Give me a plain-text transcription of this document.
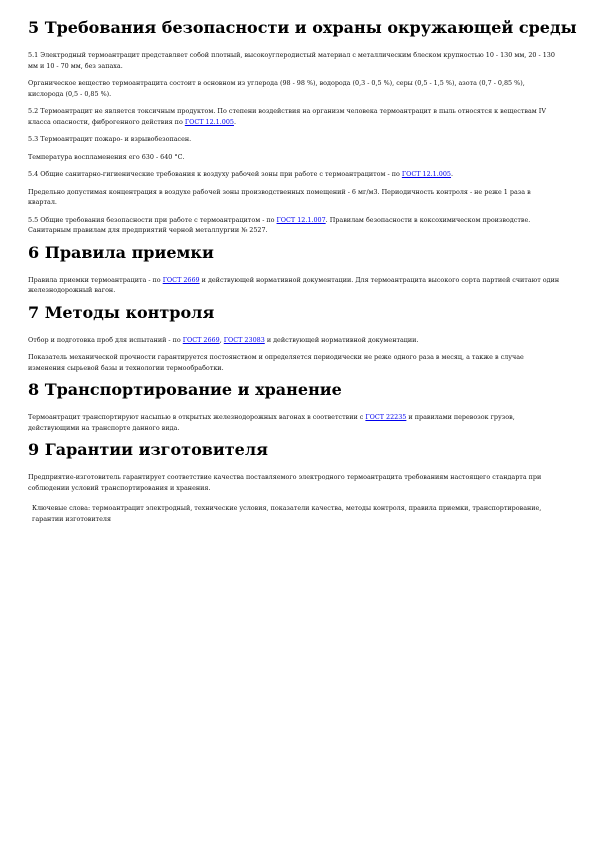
5 Требования безопасности и охраны окружающей среды

5.1 Электродный термоантрацит представляет собой плотный, высокоуглеродистый материал с металлическим блеском крупностью 10 - 130 мм, 20 - 130 мм и 10 - 70 мм, без запаха.

Органическое вещество термоантрацита состоит в основном из углерода (98 - 98 %), водорода (0,3 - 0,5 %), серы (0,5 - 1,5 %), азота (0,7 - 0,85 %), кислорода (0,5 - 0,85 %).

5.2 Термоантрацит не является токсичным продуктом. По степени воздействия на организм человека термоантрацит в пыль относятся к веществам IV класса опасности, фиброгенного действия по ГОСТ 12.1.005.

5.3 Термоантрацит пожаро- и взрывобезопасен.

Температура воспламенения его 630 - 640 °С.

5.4 Общие санитарно-гигиенические требования к воздуху рабочей зоны при работе с термоантрацитом - по ГОСТ 12.1.005.

Предельно допустимая концентрация в воздухе рабочей зоны производственных помещений - 6 мг/м3. Периодичность контроля - не реже 1 раза в квартал.

5.5 Общие требования безопасности при работе с термоантрацитом - по ГОСТ 12.1.007. Правилам безопасности в коксохимическом производстве. Санитарным правилам для предприятий черной металлургии № 2527.

6 Правила приемки

Правила приемки термоантрацита - по ГОСТ 2669 и действующей нормативной документации. Для термоантрацита высокого сорта партией считают один железнодорожный вагон.

7 Методы контроля

Отбор и подготовка проб для испытаний - по ГОСТ 2669, ГОСТ 23083 и действующей нормативной документации.

Показатель механической прочности гарантируется постоянством и определяется периодически не реже одного раза в месяц, а также в случае изменения сырьевой базы и технологии термообработки.

8 Транспортирование и хранение

Термоантрацит транспортируют насыпью в открытых железнодорожных вагонах в соответствии с ГОСТ 22235 и правилами перевозок грузов, действующими на транспорте данного вида.

9 Гарантии изготовителя

Предприятие-изготовитель гарантирует соответствие качества поставляемого электродного термоантрацита требованиям настоящего стандарта при соблюдении условий транспортирования и хранения.

Ключевые слова: термоантрацит электродный, технические условия, показатели качества, методы контроля, правила приемки, транспортирование, гарантии изготовителя
